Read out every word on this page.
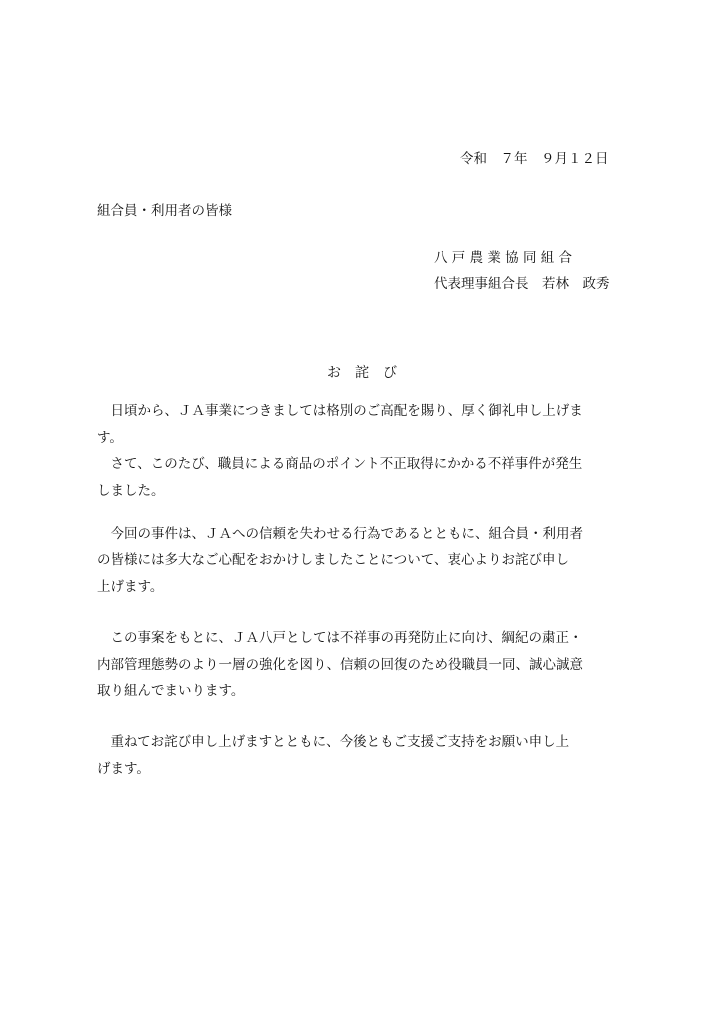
令和　７年　９月１２日

組合員・利用者の皆様

八 戸 農 業 協 同 組 合

代表理事組合長　若林　政秀

お　詫　び

　日頃から、ＪＡ事業につきましては格別のご高配を賜り、厚く御礼申し上げま

す。

　さて、このたび、職員による商品のポイント不正取得にかかる不祥事件が発生

しました。

　今回の事件は、ＪＡへの信頼を失わせる行為であるとともに、組合員・利用者

の皆様には多大なご心配をおかけしましたことについて、衷心よりお詫び申し

上げます。

　この事案をもとに、ＪＡ八戸としては不祥事の再発防止に向け、綱紀の粛正・

内部管理態勢のより一層の強化を図り、信頼の回復のため役職員一同、誠心誠意

取り組んでまいります。

　重ねてお詫び申し上げますとともに、今後ともご支援ご支持をお願い申し上

げます。
